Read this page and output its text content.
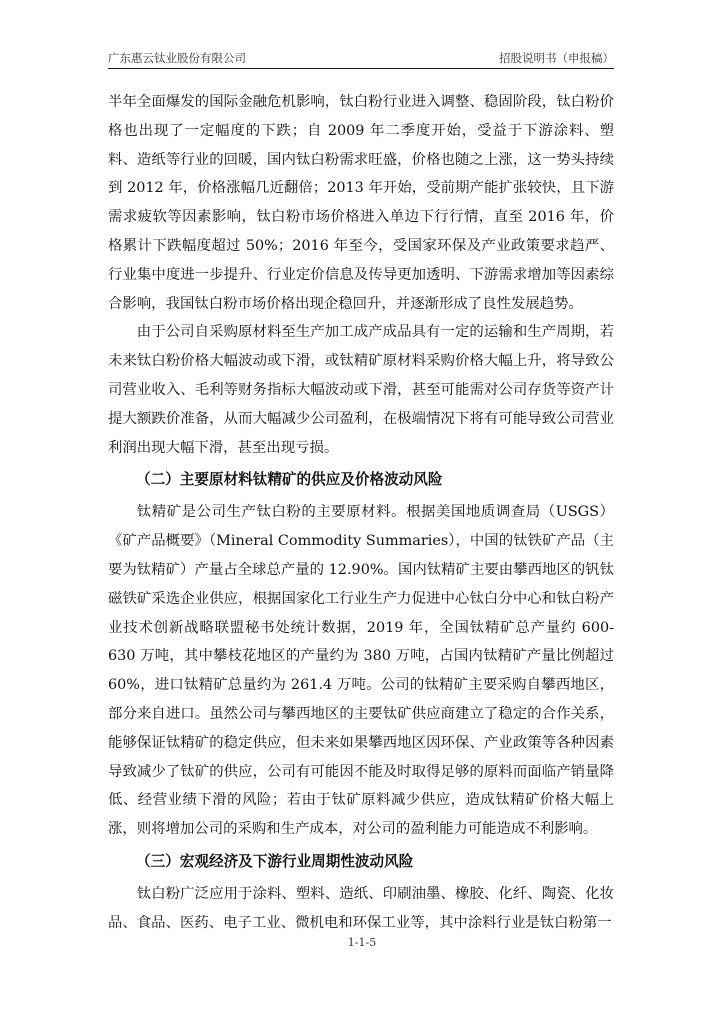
广东惠云钛业股份有限公司	招股说明书（申报稿）

半年全面爆发的国际金融危机影响，钛白粉行业进入调整、稳固阶段，钛白粉价格也出现了一定幅度的下跌；自 2009 年二季度开始，受益于下游涂料、塑料、造纸等行业的回暖，国内钛白粉需求旺盛，价格也随之上涨，这一势头持续到 2012 年，价格涨幅几近翻倍；2013 年开始，受前期产能扩张较快，且下游需求疲软等因素影响，钛白粉市场价格进入单边下行行情，直至 2016 年，价格累计下跌幅度超过 50%；2016 年至今，受国家环保及产业政策要求趋严、行业集中度进一步提升、行业定价信息及传导更加透明、下游需求增加等因素综合影响，我国钛白粉市场价格出现企稳回升，并逐渐形成了良性发展趋势。

由于公司自采购原材料至生产加工成产成品具有一定的运输和生产周期，若未来钛白粉价格大幅波动或下滑，或钛精矿原材料采购价格大幅上升，将导致公司营业收入、毛利等财务指标大幅波动或下滑，甚至可能需对公司存货等资产计提大额跌价准备，从而大幅减少公司盈利，在极端情况下将有可能导致公司营业利润出现大幅下滑，甚至出现亏损。

（二）主要原材料钛精矿的供应及价格波动风险

钛精矿是公司生产钛白粉的主要原材料。根据美国地质调查局（USGS）《矿产品概要》（Mineral Commodity Summaries），中国的钛铁矿产品（主要为钛精矿）产量占全球总产量的 12.90%。国内钛精矿主要由攀西地区的钒钛磁铁矿采选企业供应，根据国家化工行业生产力促进中心钛白分中心和钛白粉产业技术创新战略联盟秘书处统计数据，2019 年，全国钛精矿总产量约 600-630 万吨，其中攀枝花地区的产量约为 380 万吨，占国内钛精矿产量比例超过 60%，进口钛精矿总量约为 261.4 万吨。公司的钛精矿主要采购自攀西地区，部分来自进口。虽然公司与攀西地区的主要钛矿供应商建立了稳定的合作关系，能够保证钛精矿的稳定供应，但未来如果攀西地区因环保、产业政策等各种因素导致减少了钛矿的供应，公司有可能因不能及时取得足够的原料而面临产销量降低、经营业绩下滑的风险；若由于钛矿原料减少供应，造成钛精矿价格大幅上涨，则将增加公司的采购和生产成本，对公司的盈利能力可能造成不利影响。

（三）宏观经济及下游行业周期性波动风险

钛白粉广泛应用于涂料、塑料、造纸、印刷油墨、橡胶、化纤、陶瓷、化妆品、食品、医药、电子工业、微机电和环保工业等，其中涂料行业是钛白粉第一

1-1-5
